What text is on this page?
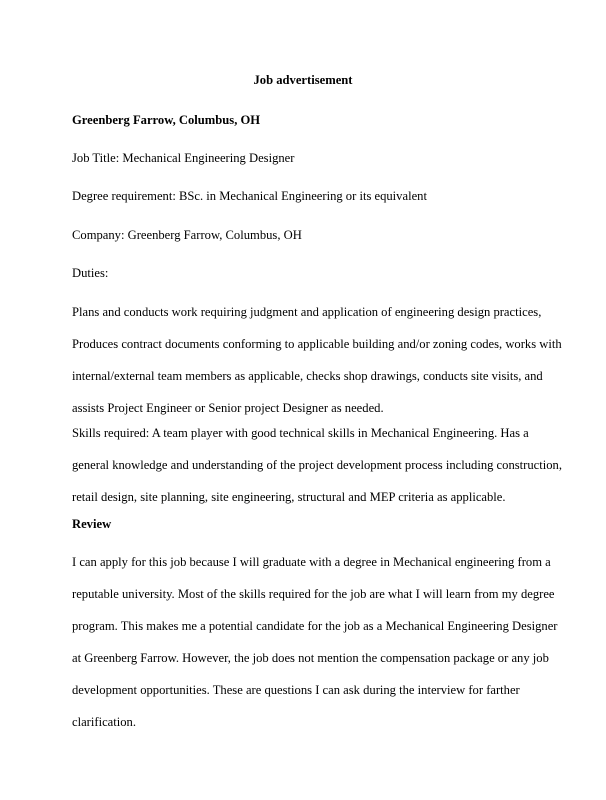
Job advertisement

Greenberg Farrow, Columbus, OH

Job Title: Mechanical Engineering Designer

Degree requirement: BSc. in Mechanical Engineering or its equivalent

Company: Greenberg Farrow, Columbus, OH

Duties:

Plans and conducts work requiring judgment and application of engineering design practices,
Produces contract documents conforming to applicable building and/or zoning codes, works with
internal/external team members as applicable, checks shop drawings, conducts site visits, and
assists Project Engineer or Senior project Designer as needed.
Skills required: A team player with good technical skills in Mechanical Engineering. Has a
general knowledge and understanding of the project development process including construction,
retail design, site planning, site engineering, structural and MEP criteria as applicable.

Review

I can apply for this job because I will graduate with a degree in Mechanical engineering from a
reputable university. Most of the skills required for the job are what I will learn from my degree
program. This makes me a potential candidate for the job as a Mechanical Engineering Designer
at Greenberg Farrow. However, the job does not mention the compensation package or any job
development opportunities. These are questions I can ask during the interview for farther
clarification.
